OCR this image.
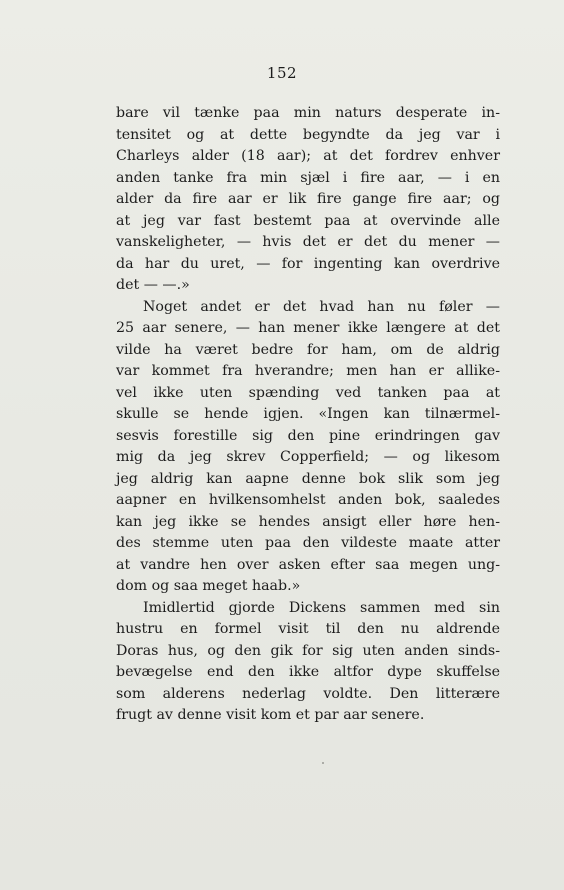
152
bare vil tænke paa min naturs desperate in-
tensitet og at dette begyndte da jeg var i
Charleys alder (18 aar); at det fordrev enhver
anden tanke fra min sjæl i fire aar, — i en
alder da fire aar er lik fire gange fire aar; og
at jeg var fast bestemt paa at overvinde alle
vanskeligheter, — hvis det er det du mener —
da har du uret, — for ingenting kan overdrive
det — —.»
Noget andet er det hvad han nu føler —
25 aar senere, — han mener ikke længere at det
vilde ha været bedre for ham, om de aldrig
var kommet fra hverandre; men han er allike-
vel ikke uten spænding ved tanken paa at
skulle se hende igjen. «Ingen kan tilnærmel-
sesvis forestille sig den pine erindringen gav
mig da jeg skrev Copperfield; — og likesom
jeg aldrig kan aapne denne bok slik som jeg
aapner en hvilkensomhelst anden bok, saaledes
kan jeg ikke se hendes ansigt eller høre hen-
des stemme uten paa den vildeste maate atter
at vandre hen over asken efter saa megen ung-
dom og saa meget haab.»
Imidlertid gjorde Dickens sammen med sin
hustru en formel visit til den nu aldrende
Doras hus, og den gik for sig uten anden sinds-
bevægelse end den ikke altfor dype skuffelse
som alderens nederlag voldte. Den litterære
frugt av denne visit kom et par aar senere.
